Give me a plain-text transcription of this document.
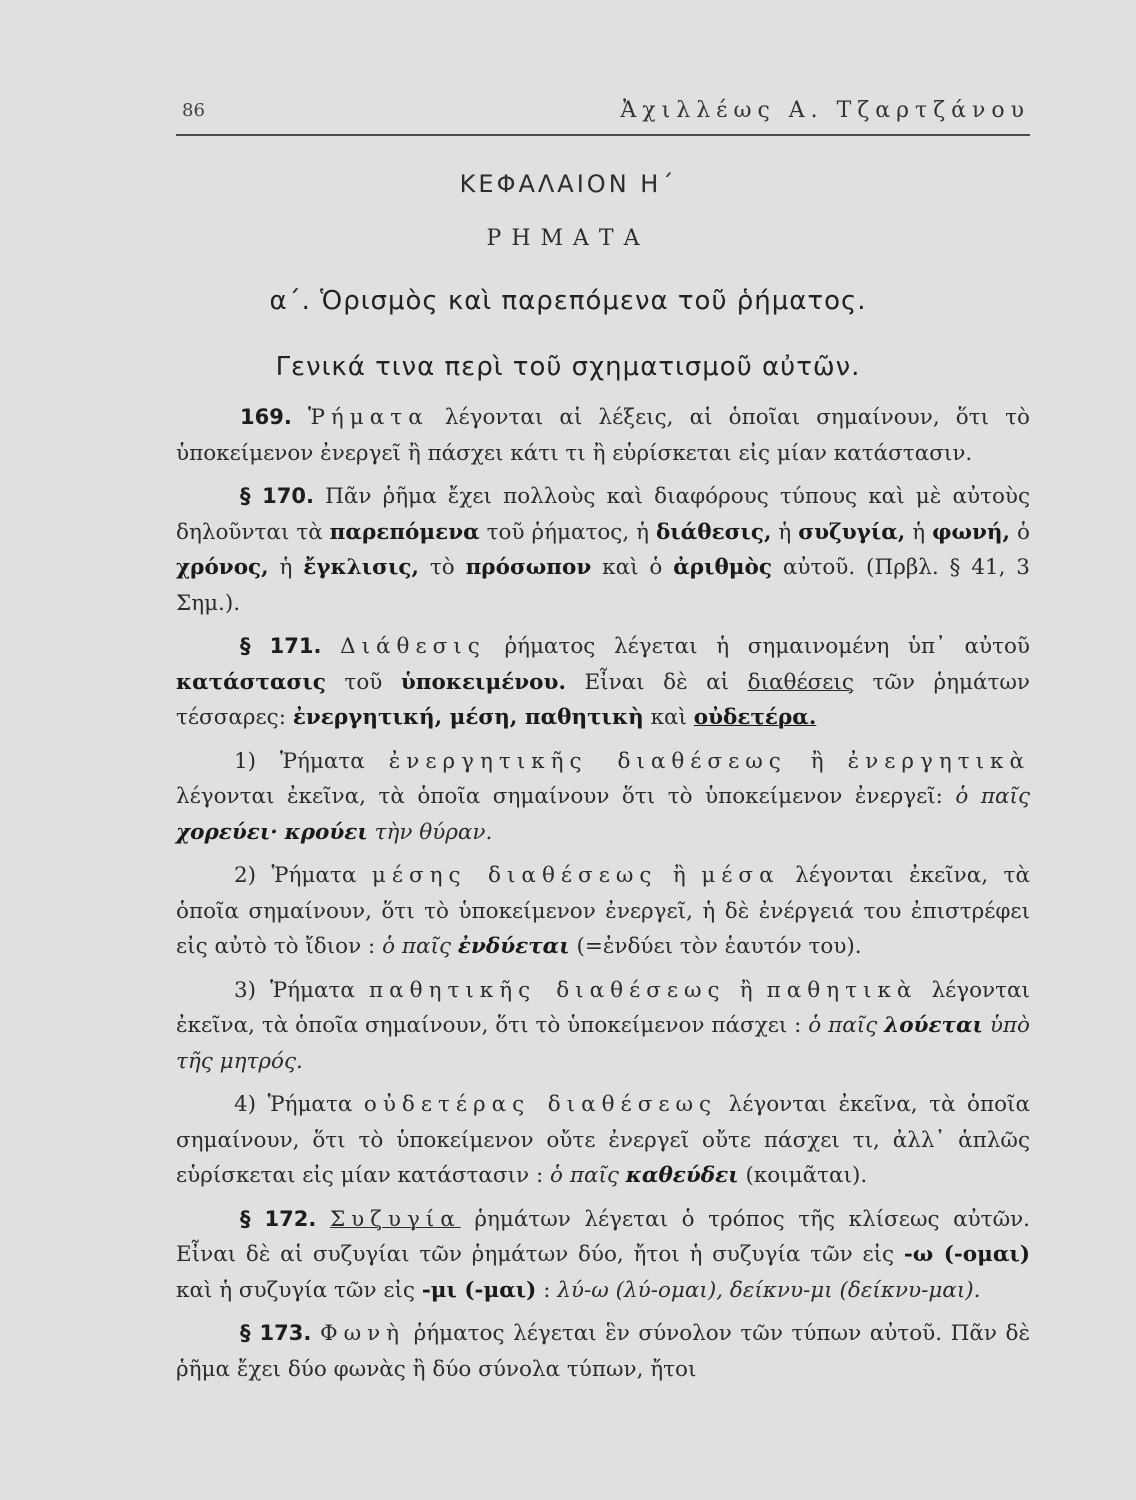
86	Ἀχιλλέως Α. Τζαρτζάνου
ΚΕΦΑΛΑΙΟΝ Η΄
ΡΗΜΑΤΑ
α΄. Ὁρισμὸς καὶ παρεπόμενα τοῦ ῥήματος.
Γενικά τινα περὶ τοῦ σχηματισμοῦ αὐτῶν.

169. Ῥήματα λέγονται αἱ λέξεις, αἱ ὁποῖαι σημαίνουν, ὅτι τὸ ὑποκείμενον ἐνεργεῖ ἢ πάσχει κάτι τι ἢ εὑρίσκεται εἰς μίαν κατάστασιν.

§ 170. Πᾶν ῥῆμα ἔχει πολλοὺς καὶ διαφόρους τύπους καὶ μὲ αὐτοὺς δηλοῦνται τὰ παρεπόμενα τοῦ ῥήματος, ἡ διάθεσις, ἡ συζυγία, ἡ φωνή, ὁ χρόνος, ἡ ἔγκλισις, τὸ πρόσωπον καὶ ὁ ἀριθμὸς αὐτοῦ. (Πρβλ. § 41, 3 Σημ.).

§ 171. Διάθεσις ῥήματος λέγεται ἡ σημαινομένη ὑπ᾽ αὐτοῦ κατάστασις τοῦ ὑποκειμένου. Εἶναι δὲ αἱ διαθέσεις τῶν ῥημάτων τέσσαρες: ἐνεργητική, μέση, παθητικὴ καὶ οὐδετέρα.

1) Ῥήματα ἐνεργητικῆς διαθέσεως ἢ ἐνεργητικὰ λέγονται ἐκεῖνα, τὰ ὁποῖα σημαίνουν ὅτι τὸ ὑποκείμενον ἐνεργεῖ: ὁ παῖς χορεύει· κρούει τὴν θύραν.

2) Ῥήματα μέσης διαθέσεως ἢ μέσα λέγονται ἐκεῖνα, τὰ ὁποῖα σημαίνουν, ὅτι τὸ ὑποκείμενον ἐνεργεῖ, ἡ δὲ ἐνέργειά του ἐπιστρέφει εἰς αὐτὸ τὸ ἴδιον : ὁ παῖς ἐνδύεται (=ἐνδύει τὸν ἑαυτόν του).

3) Ῥήματα παθητικῆς διαθέσεως ἢ παθητικὰ λέγονται ἐκεῖνα, τὰ ὁποῖα σημαίνουν, ὅτι τὸ ὑποκείμενον πάσχει : ὁ παῖς λούεται ὑπὸ τῆς μητρός.

4) Ῥήματα οὐδετέρας διαθέσεως λέγονται ἐκεῖνα, τὰ ὁποῖα σημαίνουν, ὅτι τὸ ὑποκείμενον οὔτε ἐνεργεῖ οὔτε πάσχει τι, ἀλλ᾽ ἁπλῶς εὑρίσκεται εἰς μίαν κατάστασιν : ὁ παῖς καθεύδει (κοιμᾶται).

§ 172. Συζυγία ῥημάτων λέγεται ὁ τρόπος τῆς κλίσεως αὐτῶν. Εἶναι δὲ αἱ συζυγίαι τῶν ῥημάτων δύο, ἤτοι ἡ συζυγία τῶν εἰς -ω (-ομαι) καὶ ἡ συζυγία τῶν εἰς -μι (-μαι) : λύ-ω (λύ-ομαι), δείκνυ-μι (δείκνυ-μαι).

§ 173. Φωνὴ ῥήματος λέγεται ἓν σύνολον τῶν τύπων αὐτοῦ. Πᾶν δὲ ῥῆμα ἔχει δύο φωνὰς ἢ δύο σύνολα τύπων, ἤτοι
